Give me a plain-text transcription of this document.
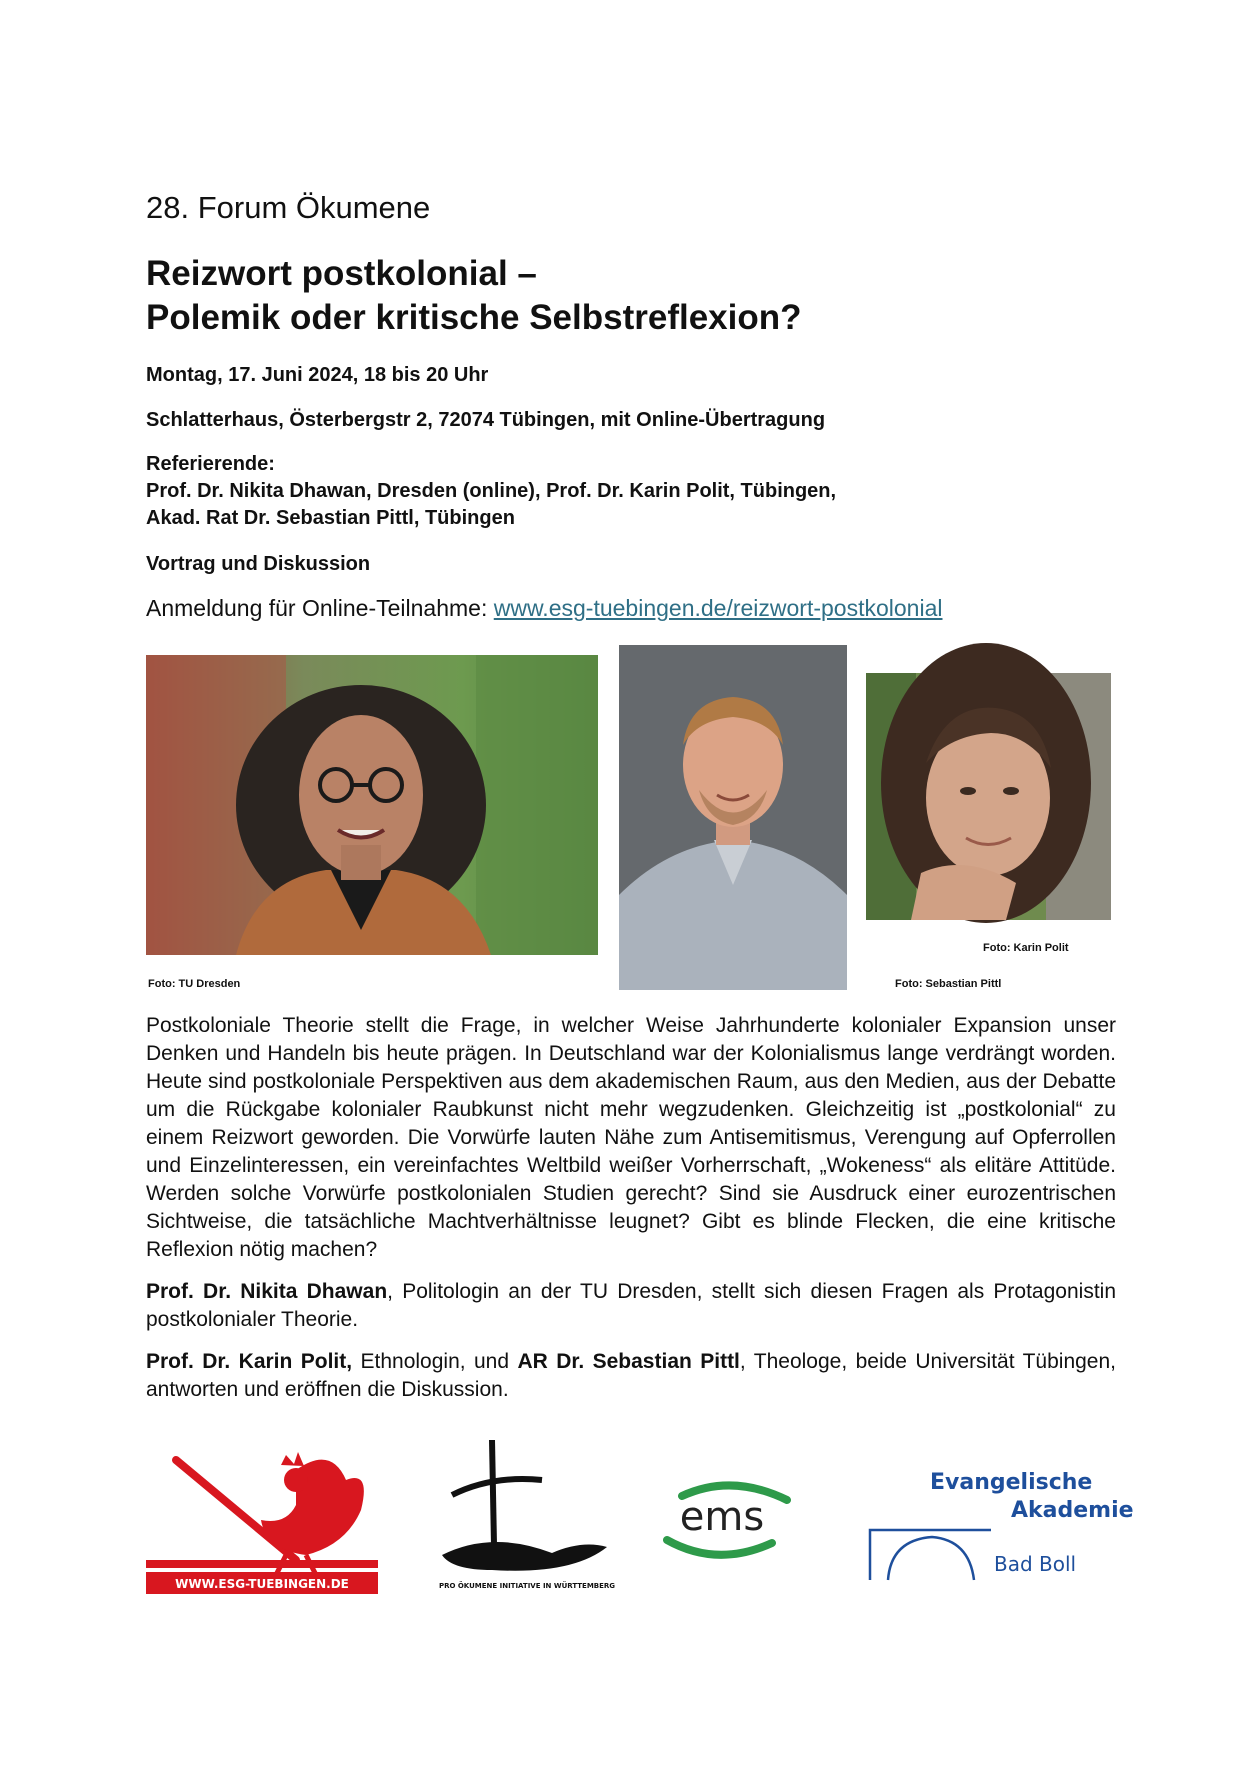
28. Forum Ökumene
Reizwort postkolonial –
Polemik oder kritische Selbstreflexion?
Montag, 17. Juni 2024, 18 bis 20 Uhr
Schlatterhaus, Österbergstr 2, 72074 Tübingen, mit Online-Übertragung
Referierende:
Prof. Dr. Nikita Dhawan, Dresden (online), Prof. Dr. Karin Polit, Tübingen,
Akad. Rat Dr. Sebastian Pittl, Tübingen
Vortrag und Diskussion
Anmeldung für Online-Teilnahme: www.esg-tuebingen.de/reizwort-postkolonial
Foto: TU Dresden	Foto: Sebastian Pittl
Foto: Karin Polit

Postkoloniale Theorie stellt die Frage, in welcher Weise Jahrhunderte kolonialer Expansion unser Denken und Handeln bis heute prägen. In Deutschland war der Kolonialismus lange verdrängt worden. Heute sind postkoloniale Perspektiven aus dem akademischen Raum, aus den Medien, aus der Debatte um die Rückgabe kolonialer Raubkunst nicht mehr wegzudenken. Gleichzeitig ist „postkolonial“ zu einem Reizwort geworden. Die Vorwürfe lauten Nähe zum Antisemitismus, Verengung auf Opferrollen und Einzelinteressen, ein vereinfachtes Weltbild weißer Vorherrschaft, „Wokeness“ als elitäre Attitüde. Werden solche Vorwürfe postkolonialen Studien gerecht? Sind sie Ausdruck einer eurozentrischen Sichtweise, die tatsächliche Machtverhältnisse leugnet? Gibt es blinde Flecken, die eine kritische Reflexion nötig machen?

Prof. Dr. Nikita Dhawan, Politologin an der TU Dresden, stellt sich diesen Fragen als Protagonistin postkolonialer Theorie.

Prof. Dr. Karin Polit, Ethnologin, und AR Dr. Sebastian Pittl, Theologe, beide Universität Tübingen, antworten und eröffnen die Diskussion.

WWW.ESG-TUEBINGEN.DE	PRO ÖKUMENE INITIATIVE IN WÜRTTEMBERG
ems
Evangelische
Akademie
Bad Boll
